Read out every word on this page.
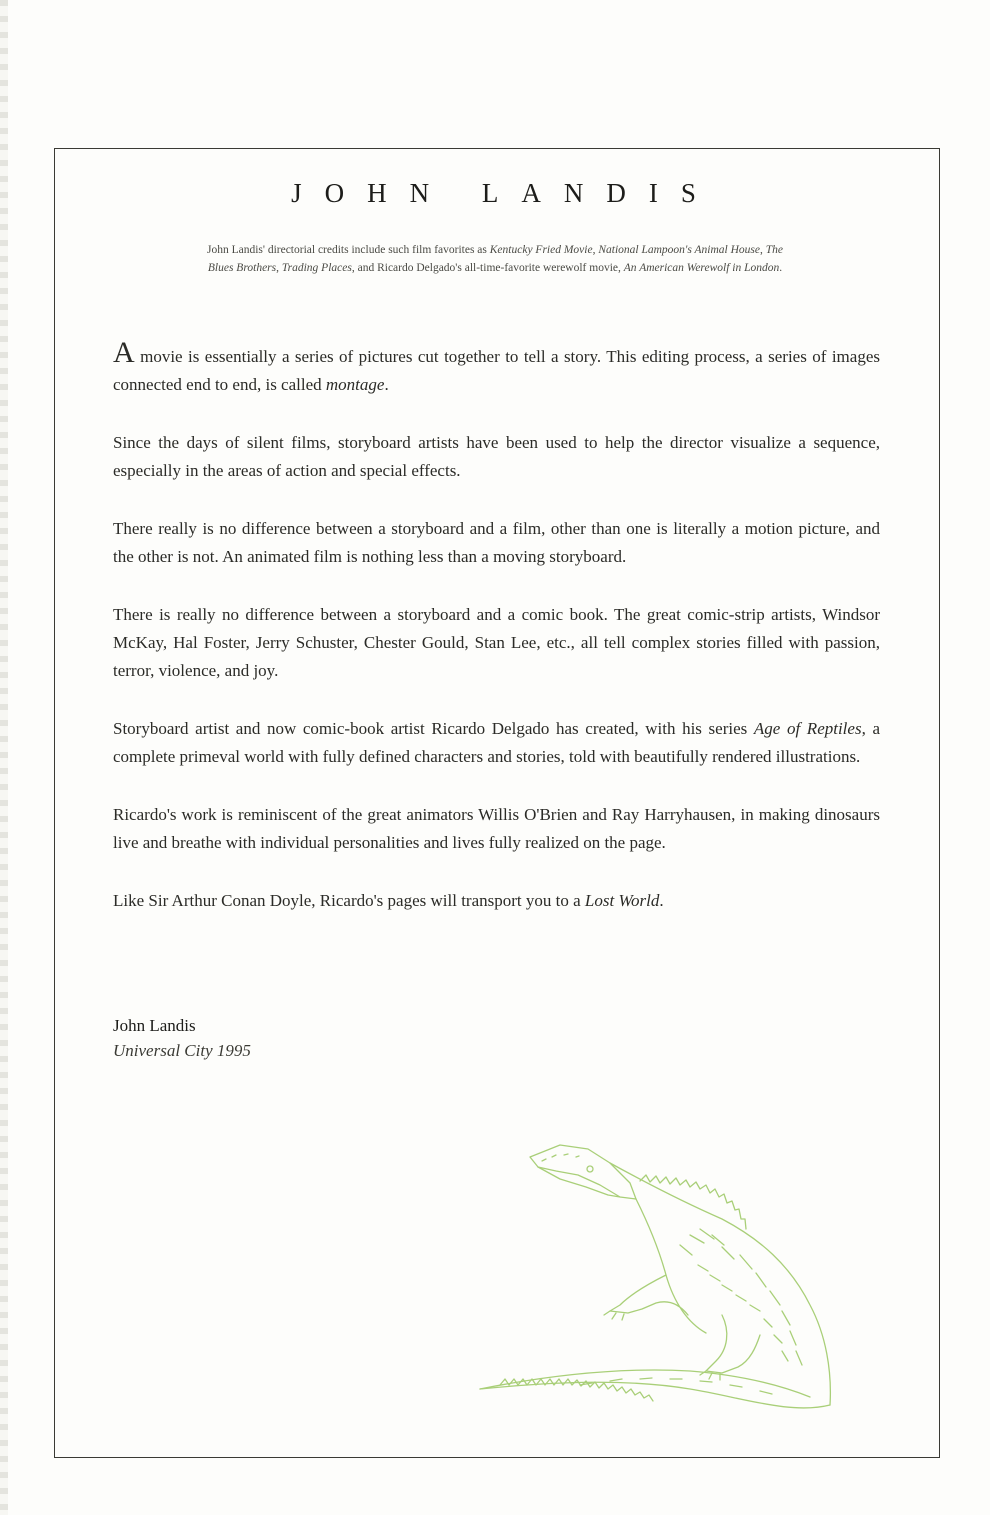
JOHN LANDIS
John Landis' directorial credits include such film favorites as Kentucky Fried Movie, National Lampoon's Animal House, The Blues Brothers, Trading Places, and Ricardo Delgado's all-time-favorite werewolf movie, An American Werewolf in London.

A movie is essentially a series of pictures cut together to tell a story. This editing process, a series of images connected end to end, is called montage.

Since the days of silent films, storyboard artists have been used to help the director visualize a sequence, especially in the areas of action and special effects.

There really is no difference between a storyboard and a film, other than one is literally a motion picture, and the other is not. An animated film is nothing less than a moving storyboard.

There is really no difference between a storyboard and a comic book. The great comic-strip artists, Windsor McKay, Hal Foster, Jerry Schuster, Chester Gould, Stan Lee, etc., all tell complex stories filled with passion, terror, violence, and joy.

Storyboard artist and now comic-book artist Ricardo Delgado has created, with his series Age of Reptiles, a complete primeval world with fully defined characters and stories, told with beautifully rendered illustrations.

Ricardo's work is reminiscent of the great animators Willis O'Brien and Ray Harryhausen, in making dinosaurs live and breathe with individual personalities and lives fully realized on the page.

Like Sir Arthur Conan Doyle, Ricardo's pages will transport you to a Lost World.

John Landis
Universal City 1995
